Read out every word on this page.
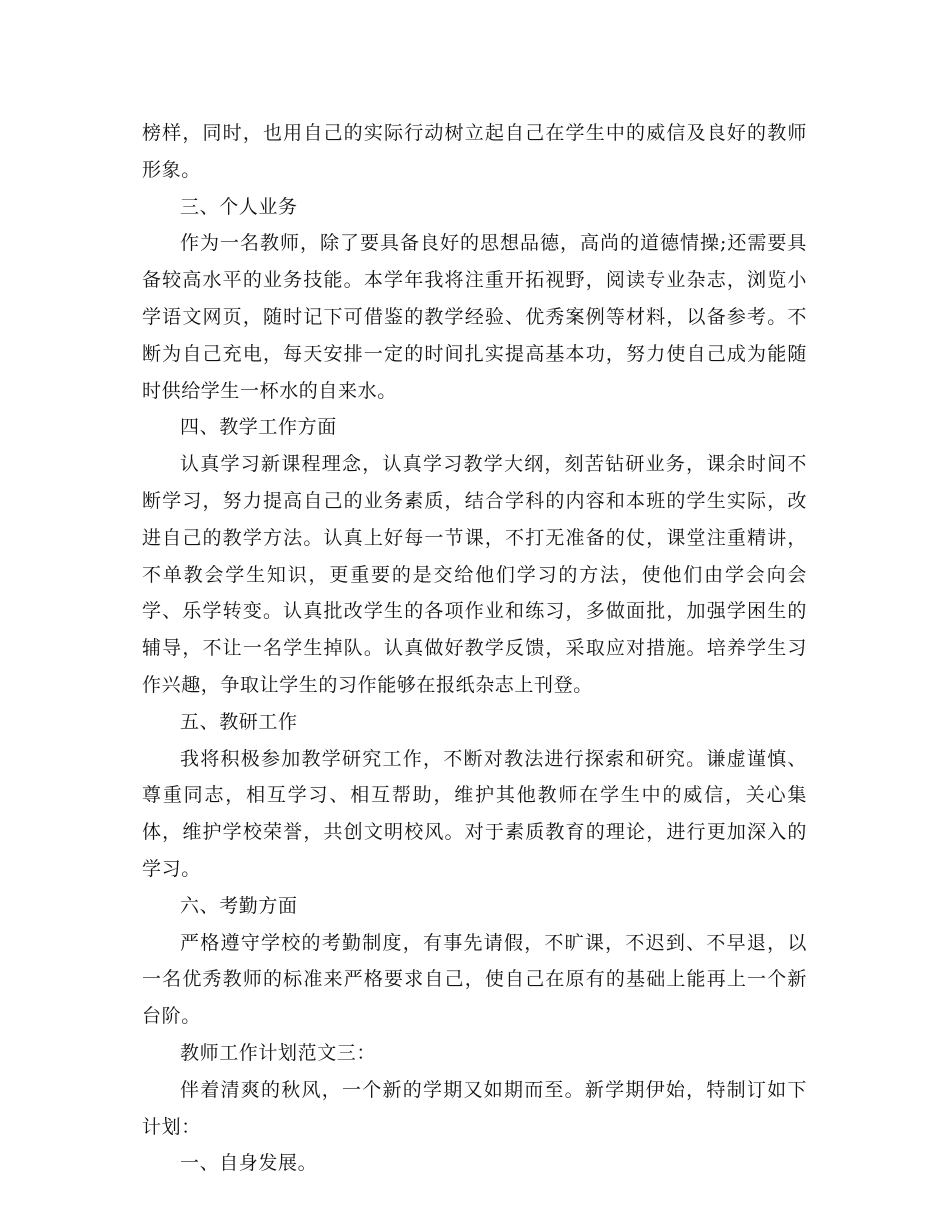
榜样，同时，也用自己的实际行动树立起自己在学生中的威信及良好的教师形象。

三、个人业务

作为一名教师，除了要具备良好的思想品德，高尚的道德情操;还需要具备较高水平的业务技能。本学年我将注重开拓视野，阅读专业杂志，浏览小学语文网页，随时记下可借鉴的教学经验、优秀案例等材料，以备参考。不断为自己充电，每天安排一定的时间扎实提高基本功，努力使自己成为能随时供给学生一杯水的自来水。

四、教学工作方面

认真学习新课程理念，认真学习教学大纲，刻苦钻研业务，课余时间不断学习，努力提高自己的业务素质，结合学科的内容和本班的学生实际，改进自己的教学方法。认真上好每一节课，不打无准备的仗，课堂注重精讲，不单教会学生知识，更重要的是交给他们学习的方法，使他们由学会向会学、乐学转变。认真批改学生的各项作业和练习，多做面批，加强学困生的辅导，不让一名学生掉队。认真做好教学反馈，采取应对措施。培养学生习作兴趣，争取让学生的习作能够在报纸杂志上刊登。

五、教研工作

我将积极参加教学研究工作，不断对教法进行探索和研究。谦虚谨慎、尊重同志，相互学习、相互帮助，维护其他教师在学生中的威信，关心集体，维护学校荣誉，共创文明校风。对于素质教育的理论，进行更加深入的学习。

六、考勤方面

严格遵守学校的考勤制度，有事先请假，不旷课，不迟到、不早退，以一名优秀教师的标准来严格要求自己，使自己在原有的基础上能再上一个新台阶。

教师工作计划范文三：

伴着清爽的秋风，一个新的学期又如期而至。新学期伊始，特制订如下计划：

一、自身发展。
